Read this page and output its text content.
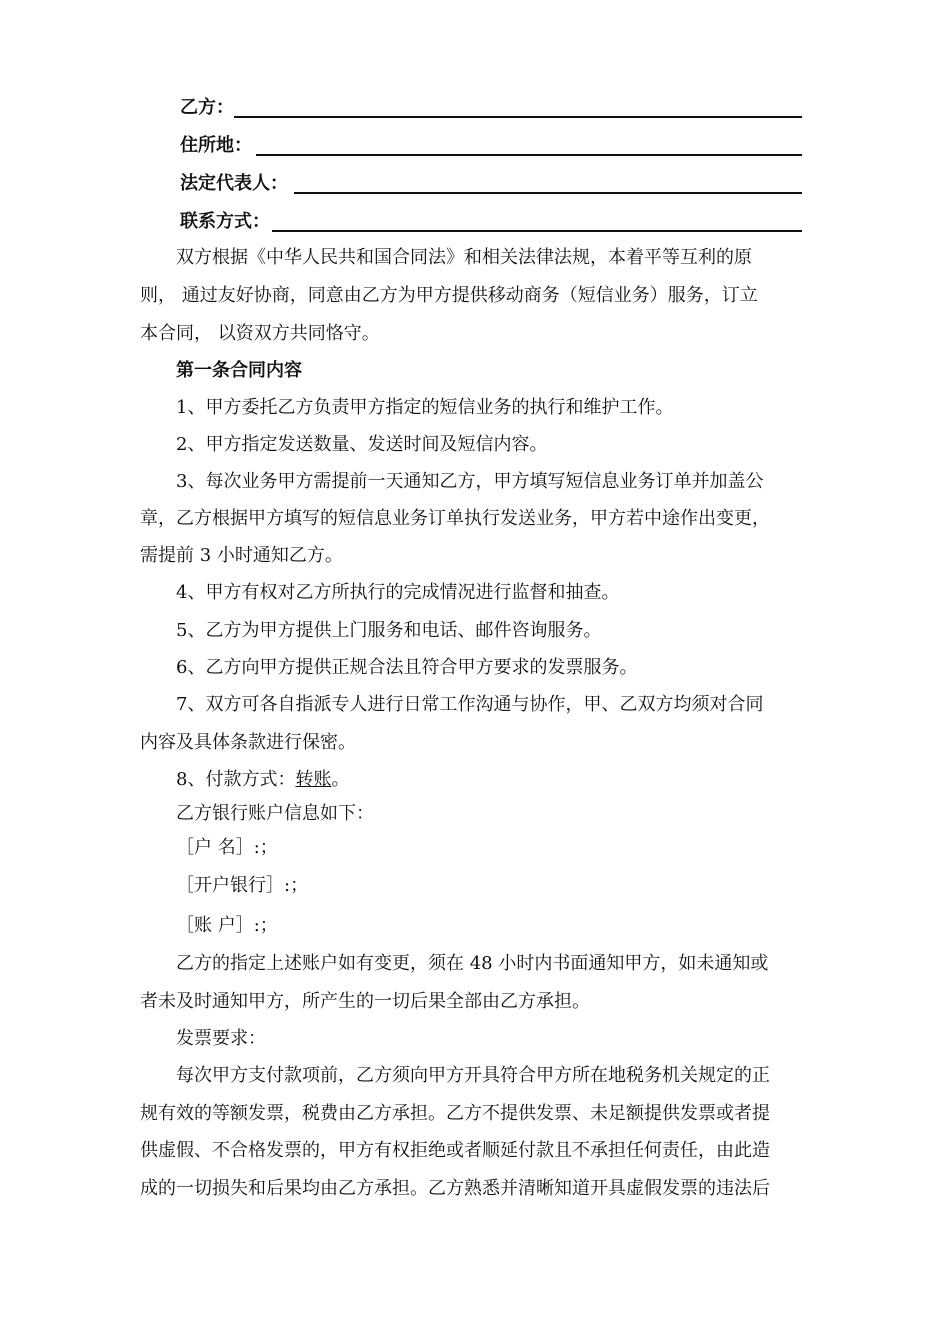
乙方：
住所地：
法定代表人：
联系方式：
双方根据《中华人民共和国合同法》和相关法律法规，本着平等互利的原
则， 通过友好协商，同意由乙方为甲方提供移动商务（短信业务）服务，订立
本合同， 以资双方共同恪守。
第一条合同内容
1、甲方委托乙方负责甲方指定的短信业务的执行和维护工作。
2、甲方指定发送数量、发送时间及短信内容。
3、每次业务甲方需提前一天通知乙方，甲方填写短信息业务订单并加盖公
章，乙方根据甲方填写的短信息业务订单执行发送业务，甲方若中途作出变更，
需提前 3 小时通知乙方。
4、甲方有权对乙方所执行的完成情况进行监督和抽查。
5、乙方为甲方提供上门服务和电话、邮件咨询服务。
6、乙方向甲方提供正规合法且符合甲方要求的发票服务。
7、双方可各自指派专人进行日常工作沟通与协作，甲、乙双方均须对合同
内容及具体条款进行保密。
8、付款方式：转账。
乙方银行账户信息如下：
［户 名］:；
［开户银行］:；
［账 户］:；
乙方的指定上述账户如有变更，须在 48 小时内书面通知甲方，如未通知或
者未及时通知甲方，所产生的一切后果全部由乙方承担。
发票要求：
每次甲方支付款项前，乙方须向甲方开具符合甲方所在地税务机关规定的正
规有效的等额发票，税费由乙方承担。乙方不提供发票、未足额提供发票或者提
供虚假、不合格发票的，甲方有权拒绝或者顺延付款且不承担任何责任，由此造
成的一切损失和后果均由乙方承担。乙方熟悉并清晰知道开具虚假发票的违法后
